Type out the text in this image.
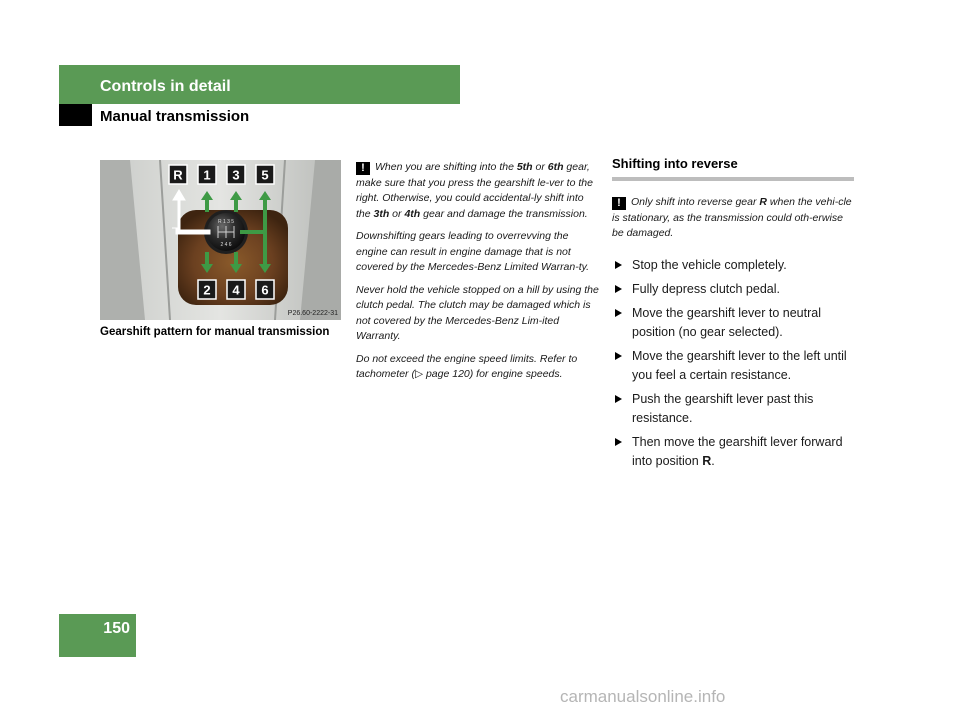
Controls in detail
Manual transmission
R 1 3 5
2 4 6
R 1 3 5
2 4 6
P26.60-2222-31
Gearshift pattern for manual transmission

! When you are shifting into the 5th or 6th gear, make sure that you press the gearshift le-ver to the right. Otherwise, you could accidental-ly shift into the 3th or 4th gear and damage the transmission.

Downshifting gears leading to overrevving the engine can result in engine damage that is not covered by the Mercedes-Benz Limited Warran-ty.

Never hold the vehicle stopped on a hill by using the clutch pedal. The clutch may be damaged which is not covered by the Mercedes-Benz Lim-ited Warranty.

Do not exceed the engine speed limits. Refer to tachometer (▷ page 120) for engine speeds.

Shifting into reverse
! Only shift into reverse gear R when the vehi-cle is stationary, as the transmission could oth-erwise be damaged.
Stop the vehicle completely.
Fully depress clutch pedal.
Move the gearshift lever to neutral position (no gear selected).
Move the gearshift lever to the left until you feel a certain resistance.
Push the gearshift lever past this resistance.
Then move the gearshift lever forward into position R.
150
carmanualsonline.info
